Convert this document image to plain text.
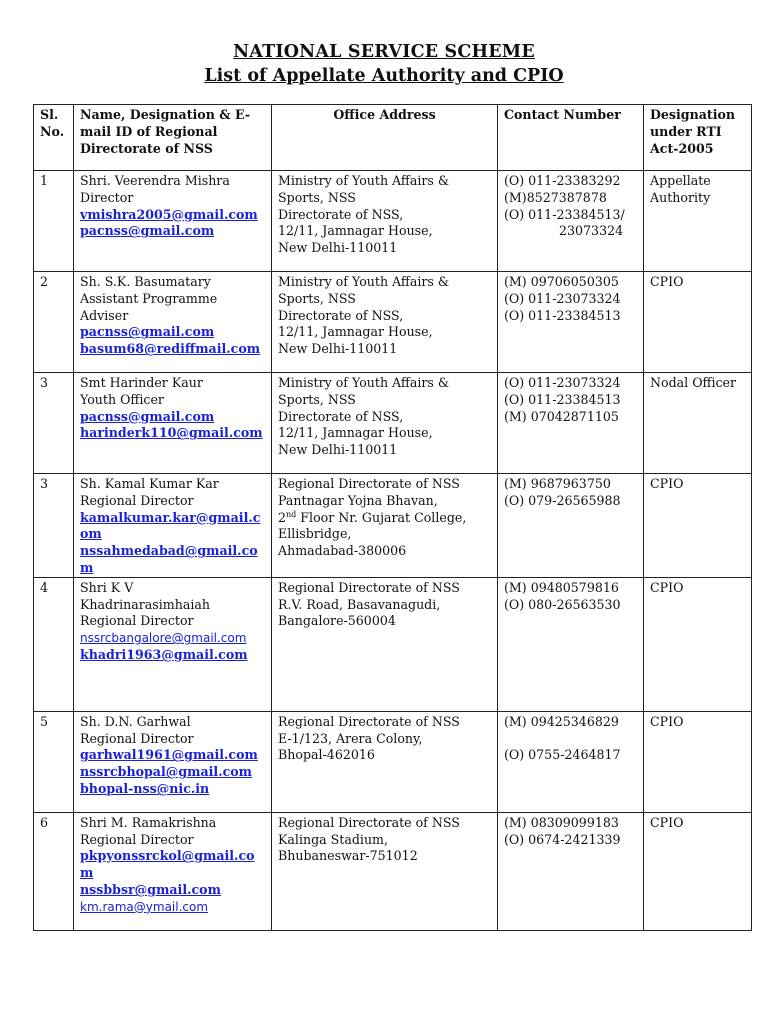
NATIONAL SERVICE SCHEME
List of Appellate Authority and CPIO
Sl. No.	Name, Designation & E-mail ID of Regional Directorate of NSS	Office Address	Contact Number	Designation under RTI Act-2005
1	Shri. Veerendra Mishra
Director
vmishra2005@gmail.com
pacnss@gmail.com	Ministry of Youth Affairs &
Sports, NSS
Directorate of NSS,
12/11, Jamnagar House,
New Delhi-110011	(O) 011-23383292
(M)8527387878
(O) 011-23384513/
23073324	Appellate Authority
2	Sh. S.K. Basumatary
Assistant Programme
Adviser
pacnss@gmail.com
basum68@rediffmail.com	Ministry of Youth Affairs &
Sports, NSS
Directorate of NSS,
12/11, Jamnagar House,
New Delhi-110011	(M) 09706050305
(O) 011-23073324
(O) 011-23384513	CPIO
3	Smt Harinder Kaur
Youth Officer
pacnss@gmail.com
harinderk110@gmail.com	Ministry of Youth Affairs &
Sports, NSS
Directorate of NSS,
12/11, Jamnagar House,
New Delhi-110011	(O) 011-23073324
(O) 011-23384513
(M) 07042871105	Nodal Officer
3	Sh. Kamal Kumar Kar
Regional Director
kamalkumar.kar@gmail.com
nssahmedabad@gmail.com	Regional Directorate of NSS
Pantnagar Yojna Bhavan,
2nd Floor Nr. Gujarat College,
Ellisbridge,
Ahmadabad-380006	(M) 9687963750
(O) 079-26565988	CPIO
4	Shri K V
Khadrinarasimhaiah
Regional Director
nssrcbangalore@gmail.com
khadri1963@gmail.com	Regional Directorate of NSS
R.V. Road, Basavanagudi,
Bangalore-560004	(M) 09480579816
(O) 080-26563530	CPIO
5	Sh. D.N. Garhwal
Regional Director
garhwal1961@gmail.com
nssrcbhopal@gmail.com
bhopal-nss@nic.in	Regional Directorate of NSS
E-1/123, Arera Colony,
Bhopal-462016	(M) 09425346829

(O) 0755-2464817	CPIO
6	Shri M. Ramakrishna
Regional Director
pkpyonssrckol@gmail.com
nssbbsr@gmail.com
km.rama@ymail.com	Regional Directorate of NSS
Kalinga Stadium,
Bhubaneswar-751012	(M) 08309099183
(O) 0674-2421339	CPIO
